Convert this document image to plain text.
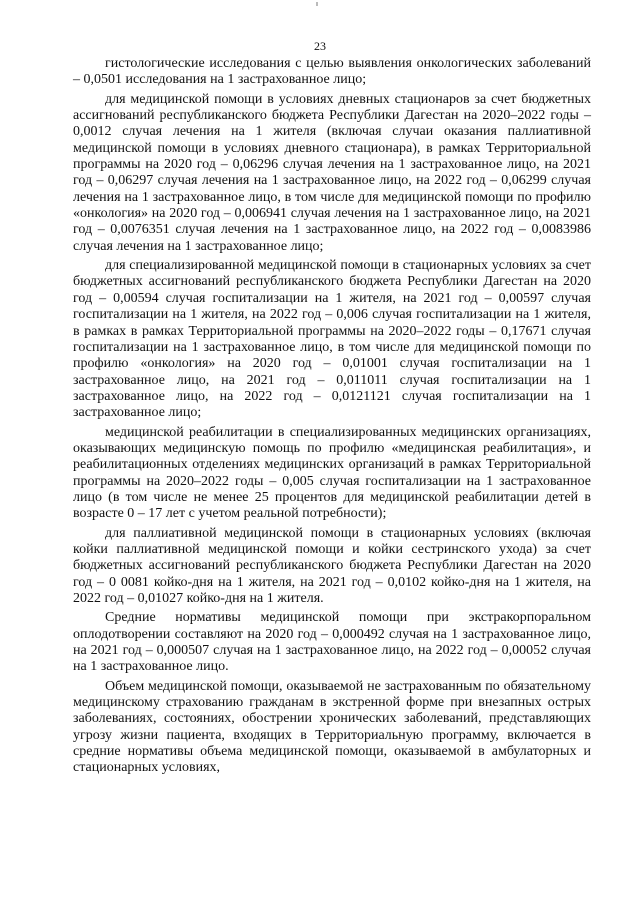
23

гистологические исследования с целью выявления онкологических заболеваний – 0,0501 исследования на 1 застрахованное лицо;

для медицинской помощи в условиях дневных стационаров за счет бюджетных ассигнований республиканского бюджета Республики Дагестан на 2020–2022 годы – 0,0012 случая лечения на 1 жителя (включая случаи оказания паллиативной медицинской помощи в условиях дневного стационара), в рамках Территориальной программы на 2020 год – 0,06296 случая лечения на 1 застрахованное лицо, на 2021 год – 0,06297 случая лечения на 1 застрахованное лицо, на 2022 год – 0,06299 случая лечения на 1 застрахованное лицо, в том числе для медицинской помощи по профилю «онкология» на 2020 год – 0,006941 случая лечения на 1 застрахованное лицо, на 2021 год – 0,0076351 случая лечения на 1 застрахованное лицо, на 2022 год – 0,0083986 случая лечения на 1 застрахованное лицо;

для специализированной медицинской помощи в стационарных условиях за счет бюджетных ассигнований республиканского бюджета Республики Дагестан на 2020 год – 0,00594 случая госпитализации на 1 жителя, на 2021 год – 0,00597 случая госпитализации на 1 жителя, на 2022 год – 0,006 случая госпитализации на 1 жителя, в рамках в рамках Территориальной программы на 2020–2022 годы – 0,17671 случая госпитализации на 1 застрахованное лицо, в том числе для медицинской помощи по профилю «онкология» на 2020 год – 0,01001 случая госпитализации на 1 застрахованное лицо, на 2021 год – 0,011011 случая госпитализации на 1 застрахованное лицо, на 2022 год – 0,0121121 случая госпитализации на 1 застрахованное лицо;

медицинской реабилитации в специализированных медицинских организациях, оказывающих медицинскую помощь по профилю «медицинская реабилитация», и реабилитационных отделениях медицинских организаций в рамках Территориальной программы на 2020–2022 годы – 0,005 случая госпитализации на 1 застрахованное лицо (в том числе не менее 25 процентов для медицинской реабилитации детей в возрасте 0 – 17 лет с учетом реальной потребности);

для паллиативной медицинской помощи в стационарных условиях (включая койки паллиативной медицинской помощи и койки сестринского ухода) за счет бюджетных ассигнований республиканского бюджета Республики Дагестан на 2020 год – 0 0081 койко-дня на 1 жителя, на 2021 год – 0,0102 койко-дня на 1 жителя, на 2022 год – 0,01027 койко-дня на 1 жителя.

Средние нормативы медицинской помощи при экстракорпоральном оплодотворении составляют на 2020 год – 0,000492 случая на 1 застрахованное лицо, на 2021 год – 0,000507 случая на 1 застрахованное лицо, на 2022 год – 0,00052 случая на 1 застрахованное лицо.

Объем медицинской помощи, оказываемой не застрахованным по обязательному медицинскому страхованию гражданам в экстренной форме при внезапных острых заболеваниях, состояниях, обострении хронических заболеваний, представляющих угрозу жизни пациента, входящих в Территориальную программу, включается в средние нормативы объема медицинской помощи, оказываемой в амбулаторных и стационарных условиях,
